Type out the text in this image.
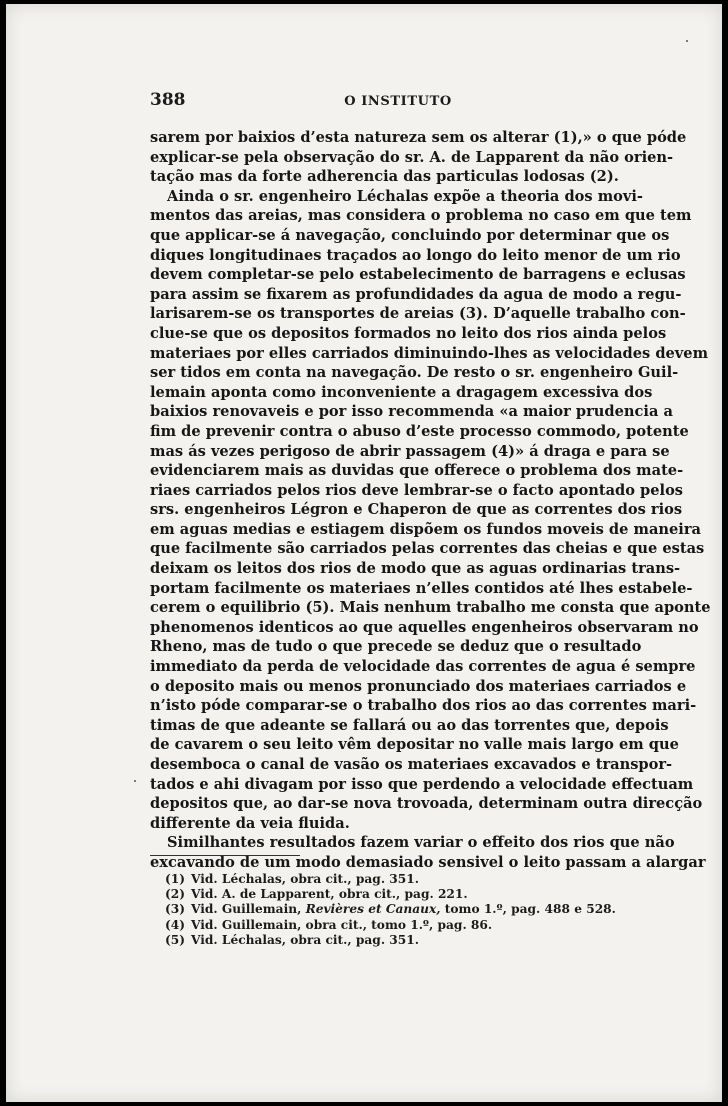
388	O INSTITUTO
sarem por baixios d’esta natureza sem os alterar (1),» o que póde
explicar-se pela observação do sr. A. de Lapparent da não orien-
tação mas da forte adherencia das particulas lodosas (2).
Ainda o sr. engenheiro Léchalas expõe a theoria dos movi-
mentos das areias, mas considera o problema no caso em que tem
que applicar-se á navegação, concluindo por determinar que os
diques longitudinaes traçados ao longo do leito menor de um rio
devem completar-se pelo estabelecimento de barragens e eclusas
para assim se fixarem as profundidades da agua de modo a regu-
larisarem-se os transportes de areias (3). D’aquelle trabalho con-
clue-se que os depositos formados no leito dos rios ainda pelos
materiaes por elles carriados diminuindo-lhes as velocidades devem
ser tidos em conta na navegação. De resto o sr. engenheiro Guil-
lemain aponta como inconveniente a dragagem excessiva dos
baixios renovaveis e por isso recommenda «a maior prudencia a
fim de prevenir contra o abuso d’este processo commodo, potente
mas ás vezes perigoso de abrir passagem (4)» á draga e para se
evidenciarem mais as duvidas que offerece o problema dos mate-
riaes carriados pelos rios deve lembrar-se o facto apontado pelos
srs. engenheiros Légron e Chaperon de que as correntes dos rios
em aguas medias e estiagem dispõem os fundos moveis de maneira
que facilmente são carriados pelas correntes das cheias e que estas
deixam os leitos dos rios de modo que as aguas ordinarias trans-
portam facilmente os materiaes n’elles contidos até lhes estabele-
cerem o equilibrio (5). Mais nenhum trabalho me consta que aponte
phenomenos identicos ao que aquelles engenheiros observaram no
Rheno, mas de tudo o que precede se deduz que o resultado
immediato da perda de velocidade das correntes de agua é sempre
o deposito mais ou menos pronunciado dos materiaes carriados e
n’isto póde comparar-se o trabalho dos rios ao das correntes mari-
timas de que adeante se fallará ou ao das torrentes que, depois
de cavarem o seu leito vêm depositar no valle mais largo em que
desemboca o canal de vasão os materiaes excavados e transpor-
tados e ahi divagam por isso que perdendo a velocidade effectuam
depositos que, ao dar-se nova trovoada, determinam outra direcção
differente da veia fluida.
Similhantes resultados fazem variar o effeito dos rios que não
excavando de um modo demasiado sensivel o leito passam a alargar
(1) Vid. Léchalas, obra cit., pag. 351.
(2) Vid. A. de Lapparent, obra cit., pag. 221.
(3) Vid. Guillemain, Revières et Canaux, tomo 1.º, pag. 488 e 528.
(4) Vid. Guillemain, obra cit., tomo 1.º, pag. 86.
(5) Vid. Léchalas, obra cit., pag. 351.
